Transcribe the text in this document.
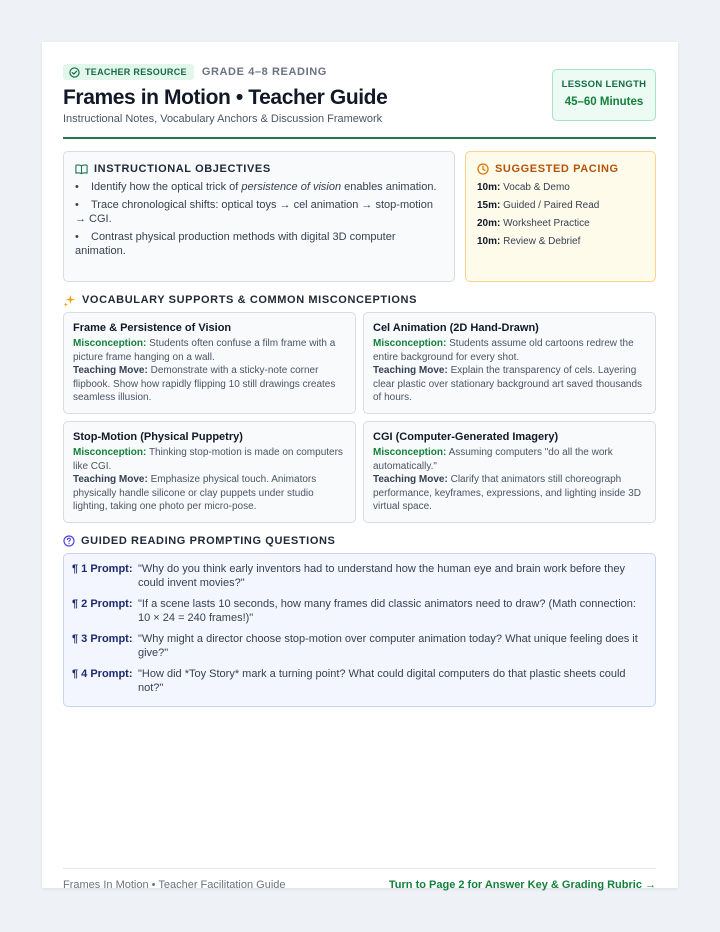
TEACHER RESOURCE GRADE 4–8 READING
Frames in Motion • Teacher Guide
Instructional Notes, Vocabulary Anchors & Discussion Framework
LESSON LENGTH
45–60 Minutes
INSTRUCTIONAL OBJECTIVES
• Identify how the optical trick of persistence of vision enables animation.
• Trace chronological shifts: optical toys → cel animation → stop-motion → CGI.
• Contrast physical production methods with digital 3D computer animation.
SUGGESTED PACING
10m: Vocab & Demo
15m: Guided / Paired Read
20m: Worksheet Practice
10m: Review & Debrief
VOCABULARY SUPPORTS & COMMON MISCONCEPTIONS
Frame & Persistence of Vision
Misconception: Students often confuse a film frame with a picture frame hanging on a wall.
Teaching Move: Demonstrate with a sticky-note corner flipbook. Show how rapidly flipping 10 still drawings creates seamless illusion.
Cel Animation (2D Hand-Drawn)
Misconception: Students assume old cartoons redrew the entire background for every shot.
Teaching Move: Explain the transparency of cels. Layering clear plastic over stationary background art saved thousands of hours.
Stop-Motion (Physical Puppetry)
Misconception: Thinking stop-motion is made on computers like CGI.
Teaching Move: Emphasize physical touch. Animators physically handle silicone or clay puppets under studio lighting, taking one photo per micro-pose.
CGI (Computer-Generated Imagery)
Misconception: Assuming computers "do all the work automatically."
Teaching Move: Clarify that animators still choreograph performance, keyframes, expressions, and lighting inside 3D virtual space.
GUIDED READING PROMPTING QUESTIONS
¶ 1 Prompt: "Why do you think early inventors had to understand how the human eye and brain work before they could invent movies?"
¶ 2 Prompt: "If a scene lasts 10 seconds, how many frames did classic animators need to draw? (Math connection: 10 × 24 = 240 frames!)"
¶ 3 Prompt: "Why might a director choose stop-motion over computer animation today? What unique feeling does it give?"
¶ 4 Prompt: "How did *Toy Story* mark a turning point? What could digital computers do that plastic sheets could not?"
Frames In Motion • Teacher Facilitation Guide	Turn to Page 2 for Answer Key & Grading Rubric →
